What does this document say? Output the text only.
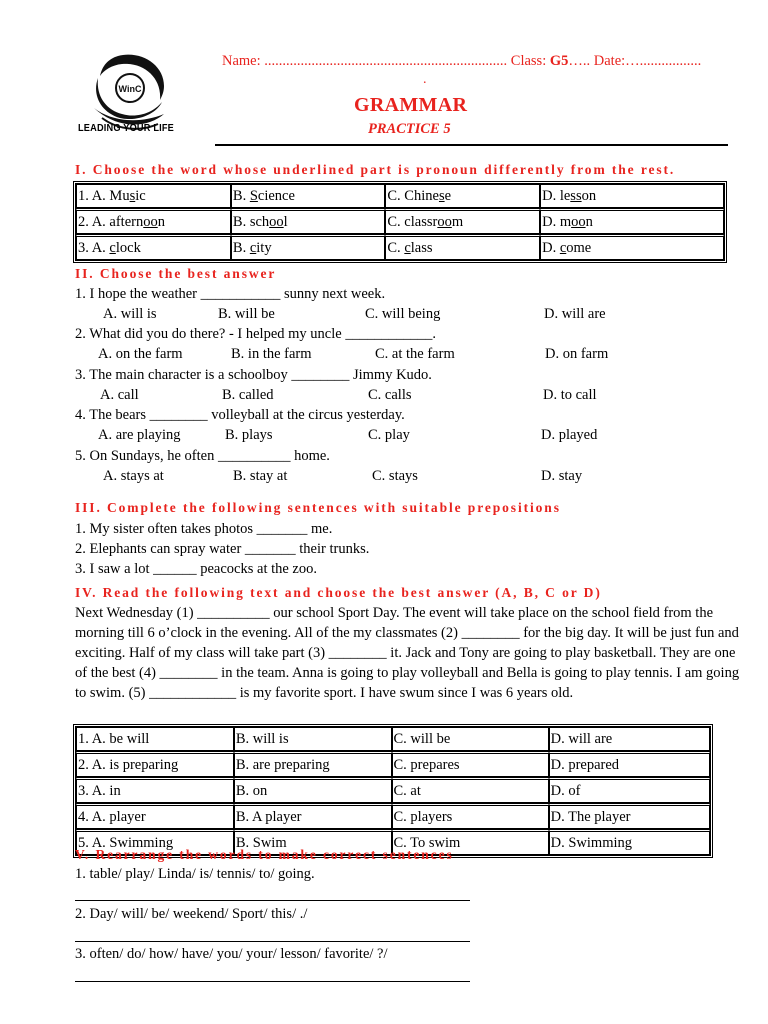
WinC
LEADING YOUR LIFE
Name: ................................................................... Class: G5….. Date:….................
.
GRAMMAR
PRACTICE 5
I. Choose the word whose underlined part is pronoun differently from the rest.
1. A. Music	B. Science	C. Chinese	D. lesson
2. A. afternoon	B. school	C. classroom	D. moon
3. A. clock	B. city	C. class	D. come
II. Choose the best answer
1. I hope the weather ___________ sunny next week.
A. will is	B. will be	C. will being	D. will are
2. What did you do there? - I helped my uncle ____________.
A. on the farm	B. in the farm	C. at the farm	D. on farm
3. The main character is a schoolboy ________ Jimmy Kudo.
A. call	B. called	C. calls	D. to call
4. The bears ________ volleyball at the circus yesterday.
A. are playing	B. plays	C. play	D. played
5. On Sundays, he often __________ home.
A. stays at	B. stay at	C. stays	D. stay
III. Complete the following sentences with suitable prepositions
1. My sister often takes photos _______ me.
2. Elephants can spray water _______ their trunks.
3. I saw a lot ______ peacocks at the zoo.
IV. Read the following text and choose the best answer (A, B, C or D)
Next Wednesday (1) __________ our school Sport Day. The event will take place on the school field from the morning till 6 o’clock in the evening. All of the my classmates (2) ________ for the big day. It will be just fun and exciting. Half of my class will take part (3) ________ it. Jack and Tony are going to play basketball. They are one of the best (4) ________ in the team. Anna is going to play volleyball and Bella is going to play tennis. I am going to swim. (5) ____________ is my favorite sport. I have swum since I was 6 years old.
1. A. be will	B. will is	C. will be	D. will are
2. A. is preparing	B. are preparing	C. prepares	D. prepared
3. A. in	B. on	C. at	D. of
4. A. player	B. A player	C. players	D. The player
5. A. Swimming	B. Swim	C. To swim	D. Swimming
V. Rearrange the words to make correct sentences
1. table/ play/ Linda/ is/ tennis/ to/ going.
2. Day/ will/ be/ weekend/ Sport/ this/ ./
3. often/ do/ how/ have/ you/ your/ lesson/ favorite/ ?/
